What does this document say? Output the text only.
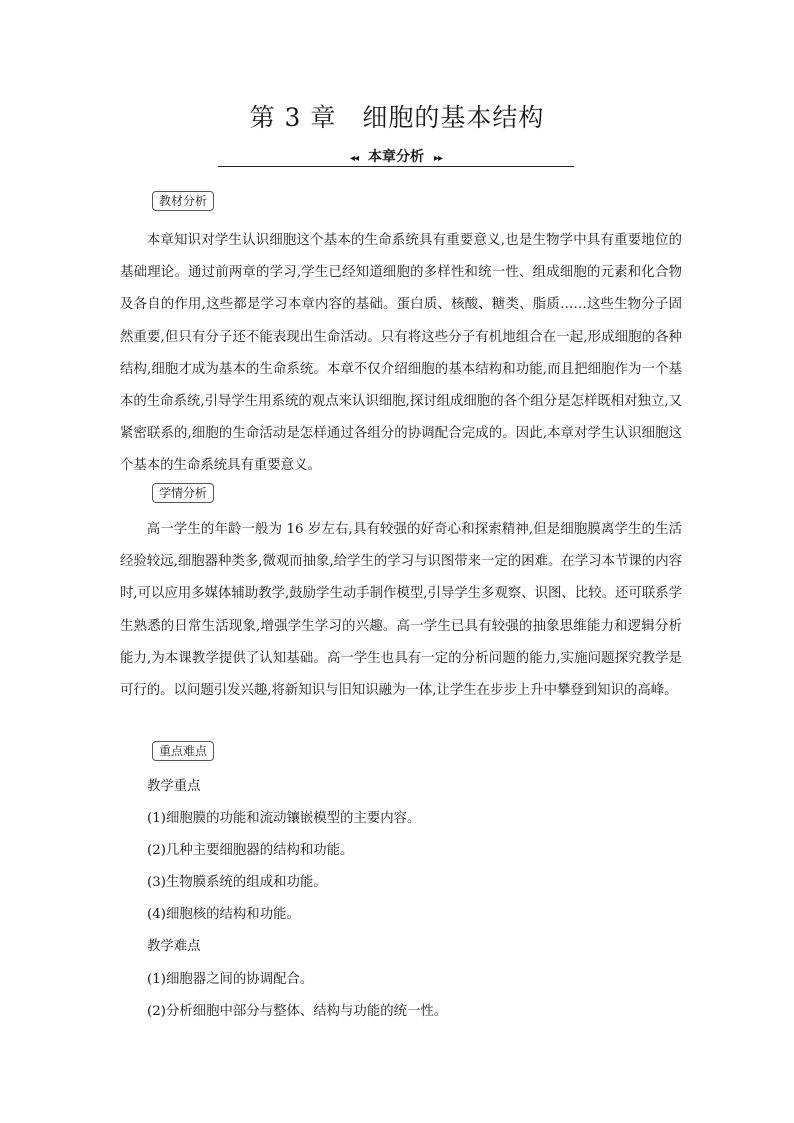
第 3 章　细胞的基本结构
◂◂ 本章分析 ▸▸
教材分析

本章知识对学生认识细胞这个基本的生命系统具有重要意义,也是生物学中具有重要地位的基础理论。通过前两章的学习,学生已经知道细胞的多样性和统一性、组成细胞的元素和化合物及各自的作用,这些都是学习本章内容的基础。蛋白质、核酸、糖类、脂质……这些生物分子固然重要,但只有分子还不能表现出生命活动。只有将这些分子有机地组合在一起,形成细胞的各种结构,细胞才成为基本的生命系统。本章不仅介绍细胞的基本结构和功能,而且把细胞作为一个基本的生命系统,引导学生用系统的观点来认识细胞,探讨组成细胞的各个组分是怎样既相对独立,又紧密联系的,细胞的生命活动是怎样通过各组分的协调配合完成的。因此,本章对学生认识细胞这个基本的生命系统具有重要意义。

学情分析

高一学生的年龄一般为 16 岁左右,具有较强的好奇心和探索精神,但是细胞膜离学生的生活经验较远,细胞器种类多,微观而抽象,给学生的学习与识图带来一定的困难。在学习本节课的内容时,可以应用多媒体辅助教学,鼓励学生动手制作模型,引导学生多观察、识图、比较。还可联系学生熟悉的日常生活现象,增强学生学习的兴趣。高一学生已具有较强的抽象思维能力和逻辑分析能力,为本课教学提供了认知基础。高一学生也具有一定的分析问题的能力,实施问题探究教学是可行的。以问题引发兴趣,将新知识与旧知识融为一体,让学生在步步上升中攀登到知识的高峰。

重点难点
教学重点
(1)细胞膜的功能和流动镶嵌模型的主要内容。
(2)几种主要细胞器的结构和功能。
(3)生物膜系统的组成和功能。
(4)细胞核的结构和功能。
教学难点
(1)细胞器之间的协调配合。
(2)分析细胞中部分与整体、结构与功能的统一性。
